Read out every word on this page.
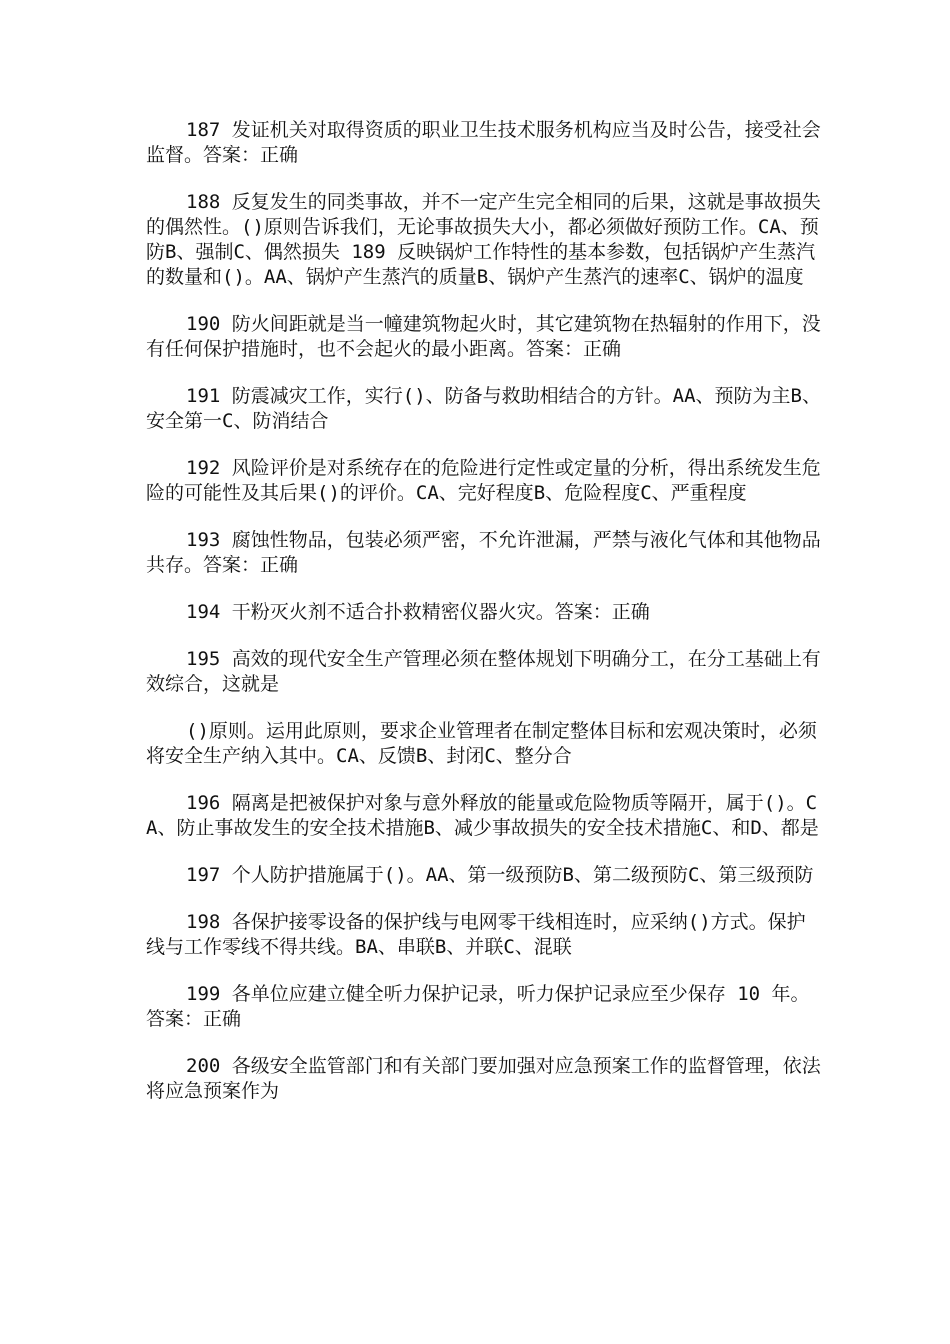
187 发证机关对取得资质的职业卫生技术服务机构应当及时公告，接受社会监督。答案：正确

188 反复发生的同类事故，并不一定产生完全相同的后果，这就是事故损失的偶然性。()原则告诉我们，无论事故损失大小，都必须做好预防工作。CA、预防B、强制C、偶然损失 189 反映锅炉工作特性的基本参数，包括锅炉产生蒸汽的数量和()。AA、锅炉产生蒸汽的质量B、锅炉产生蒸汽的速率C、锅炉的温度

190 防火间距就是当一幢建筑物起火时，其它建筑物在热辐射的作用下，没有任何保护措施时，也不会起火的最小距离。答案：正确

191 防震减灾工作，实行()、防备与救助相结合的方针。AA、预防为主B、安全第一C、防消结合

192 风险评价是对系统存在的危险进行定性或定量的分析，得出系统发生危险的可能性及其后果()的评价。CA、完好程度B、危险程度C、严重程度

193 腐蚀性物品，包装必须严密，不允许泄漏，严禁与液化气体和其他物品共存。答案：正确

194 干粉灭火剂不适合扑救精密仪器火灾。答案：正确

195 高效的现代安全生产管理必须在整体规划下明确分工，在分工基础上有效综合，这就是

()原则。运用此原则，要求企业管理者在制定整体目标和宏观决策时，必须将安全生产纳入其中。CA、反馈B、封闭C、整分合

196 隔离是把被保护对象与意外释放的能量或危险物质等隔开，属于()。CA、防止事故发生的安全技术措施B、减少事故损失的安全技术措施C、和D、都是

197 个人防护措施属于()。AA、第一级预防B、第二级预防C、第三级预防

198 各保护接零设备的保护线与电网零干线相连时，应采纳()方式。保护线与工作零线不得共线。BA、串联B、并联C、混联

199 各单位应建立健全听力保护记录，听力保护记录应至少保存 10 年。答案：正确

200 各级安全监管部门和有关部门要加强对应急预案工作的监督管理，依法将应急预案作为
